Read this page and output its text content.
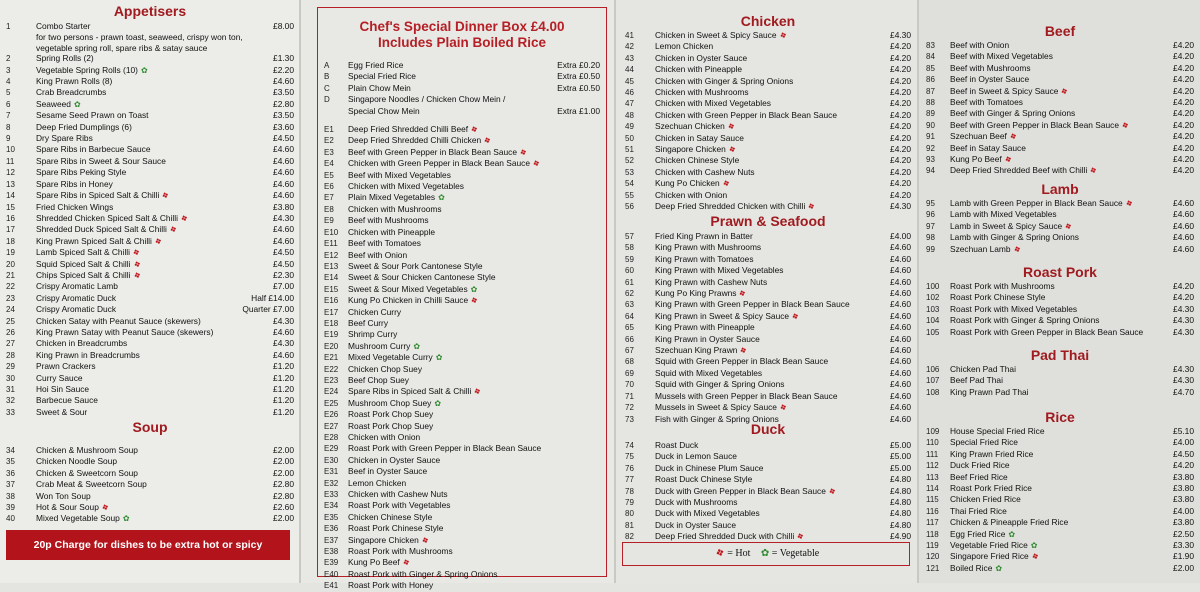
Appetisers
1	Combo Starter	£8.00
for two persons - prawn toast, seaweed, crispy won ton,
vegetable spring roll, spare ribs & satay sauce
2	Spring Rolls (2)	£1.30
3	Vegetable Spring Rolls (10) ✿	£2.20
4	King Prawn Rolls (8)	£4.60
5	Crab Breadcrumbs	£3.50
6	Seaweed ✿	£2.80
7	Sesame Seed Prawn on Toast	£3.50
8	Deep Fried Dumplings (6)	£3.60
9	Dry Spare Ribs	£4.50
10	Spare Ribs in Barbecue Sauce	£4.60
11	Spare Ribs in Sweet & Sour Sauce	£4.60
12	Spare Ribs Peking Style	£4.60
13	Spare Ribs in Honey	£4.60
14	Spare Ribs in Spiced Salt & Chilli ❖	£4.60
15	Fried Chicken Wings	£3.80
16	Shredded Chicken Spiced Salt & Chilli ❖	£4.30
17	Shredded Duck Spiced Salt & Chilli ❖	£4.60
18	King Prawn Spiced Salt & Chilli ❖	£4.60
19	Lamb Spiced Salt & Chilli ❖	£4.50
20	Squid Spiced Salt & Chilli ❖	£4.50
21	Chips Spiced Salt & Chilli ❖	£2.30
22	Crispy Aromatic Lamb	£7.00
23	Crispy Aromatic Duck	Half £14.00
24	Crispy Aromatic Duck	Quarter £7.00
25	Chicken Satay with Peanut Sauce (skewers)	£4.30
26	King Prawn Satay with Peanut Sauce (skewers)	£4.60
27	Chicken in Breadcrumbs	£4.30
28	King Prawn in Breadcrumbs	£4.60
29	Prawn Crackers	£1.20
30	Curry Sauce	£1.20
31	Hoi Sin Sauce	£1.20
32	Barbecue Sauce	£1.20
33	Sweet & Sour	£1.20
Soup
34	Chicken & Mushroom Soup	£2.00
35	Chicken Noodle Soup	£2.00
36	Chicken & Sweetcorn Soup	£2.00
37	Crab Meat & Sweetcorn Soup	£2.80
38	Won Ton Soup	£2.80
39	Hot & Sour Soup ❖	£2.60
40	Mixed Vegetable Soup ✿	£2.00
20p Charge for dishes to be extra hot or spicy
Chef's Special Dinner Box £4.00
Includes Plain Boiled Rice
A	Egg Fried Rice	Extra £0.20
B	Special Fried Rice	Extra £0.50
C	Plain Chow Mein	Extra £0.50
D	Singapore Noodles / Chicken Chow Mein /
Special Chow Mein	Extra £1.00
E1	Deep Fried Shredded Chilli Beef ❖
E2	Deep Fried Shredded Chilli Chicken ❖
E3	Beef with Green Pepper in Black Bean Sauce ❖
E4	Chicken with Green Pepper in Black Bean Sauce ❖
E5	Beef with Mixed Vegetables
E6	Chicken with Mixed Vegetables
E7	Plain Mixed Vegetables ✿
E8	Chicken with Mushrooms
E9	Beef with Mushrooms
E10	Chicken with Pineapple
E11	Beef with Tomatoes
E12	Beef with Onion
E13	Sweet & Sour Pork Cantonese Style
E14	Sweet & Sour Chicken Cantonese Style
E15	Sweet & Sour Mixed Vegetables ✿
E16	Kung Po Chicken in Chilli Sauce ❖
E17	Chicken Curry
E18	Beef Curry
E19	Shrimp Curry
E20	Mushroom Curry ✿
E21	Mixed Vegetable Curry ✿
E22	Chicken Chop Suey
E23	Beef Chop Suey
E24	Spare Ribs in Spiced Salt & Chilli ❖
E25	Mushroom Chop Suey ✿
E26	Roast Pork Chop Suey
E27	Roast Pork Chop Suey
E28	Chicken with Onion
E29	Roast Pork with Green Pepper in Black Bean Sauce
E30	Chicken in Oyster Sauce
E31	Beef in Oyster Sauce
E32	Lemon Chicken
E33	Chicken with Cashew Nuts
E34	Roast Pork with Vegetables
E35	Chicken Chinese Style
E36	Roast Pork Chinese Style
E37	Singapore Chicken ❖
E38	Roast Pork with Mushrooms
E39	Kung Po Beef ❖
E40	Roast Pork with Ginger & Spring Onions
E41	Roast Pork with Honey
Chicken
41	Chicken in Sweet & Spicy Sauce ❖	£4.30
42	Lemon Chicken	£4.20
43	Chicken in Oyster Sauce	£4.20
44	Chicken with Pineapple	£4.20
45	Chicken with Ginger & Spring Onions	£4.20
46	Chicken with Mushrooms	£4.20
47	Chicken with Mixed Vegetables	£4.20
48	Chicken with Green Pepper in Black Bean Sauce	£4.20
49	Szechuan Chicken ❖	£4.20
50	Chicken in Satay Sauce	£4.20
51	Singapore Chicken ❖	£4.20
52	Chicken Chinese Style	£4.20
53	Chicken with Cashew Nuts	£4.20
54	Kung Po Chicken ❖	£4.20
55	Chicken with Onion	£4.20
56	Deep Fried Shredded Chicken with Chilli ❖	£4.30
Prawn & Seafood
57	Fried King Prawn in Batter	£4.00
58	King Prawn with Mushrooms	£4.60
59	King Prawn with Tomatoes	£4.60
60	King Prawn with Mixed Vegetables	£4.60
61	King Prawn with Cashew Nuts	£4.60
62	Kung Po King Prawns ❖	£4.60
63	King Prawn with Green Pepper in Black Bean Sauce	£4.60
64	King Prawn in Sweet & Spicy Sauce ❖	£4.60
65	King Prawn with Pineapple	£4.60
66	King Prawn in Oyster Sauce	£4.60
67	Szechuan King Prawn ❖	£4.60
68	Squid with Green Pepper in Black Bean Sauce	£4.60
69	Squid with Mixed Vegetables	£4.60
70	Squid with Ginger & Spring Onions	£4.60
71	Mussels with Green Pepper in Black Bean Sauce	£4.60
72	Mussels in Sweet & Spicy Sauce ❖	£4.60
73	Fish with Ginger & Spring Onions	£4.60
Duck
74	Roast Duck	£5.00
75	Duck in Lemon Sauce	£5.00
76	Duck in Chinese Plum Sauce	£5.00
77	Roast Duck Chinese Style	£4.80
78	Duck with Green Pepper in Black Bean Sauce ❖	£4.80
79	Duck with Mushrooms	£4.80
80	Duck with Mixed Vegetables	£4.80
81	Duck in Oyster Sauce	£4.80
82	Deep Fried Shredded Duck with Chilli ❖	£4.90
❖ = Hot ✿ = Vegetable
Beef
83	Beef with Onion	£4.20
84	Beef with Mixed Vegetables	£4.20
85	Beef with Mushrooms	£4.20
86	Beef in Oyster Sauce	£4.20
87	Beef in Sweet & Spicy Sauce ❖	£4.20
88	Beef with Tomatoes	£4.20
89	Beef with Ginger & Spring Onions	£4.20
90	Beef with Green Pepper in Black Bean Sauce ❖	£4.20
91	Szechuan Beef ❖	£4.20
92	Beef in Satay Sauce	£4.20
93	Kung Po Beef ❖	£4.20
94	Deep Fried Shredded Beef with Chilli ❖	£4.20
Lamb
95	Lamb with Green Pepper in Black Bean Sauce ❖	£4.60
96	Lamb with Mixed Vegetables	£4.60
97	Lamb in Sweet & Spicy Sauce ❖	£4.60
98	Lamb with Ginger & Spring Onions	£4.60
99	Szechuan Lamb ❖	£4.60
Roast Pork
100	Roast Pork with Mushrooms	£4.20
102	Roast Pork Chinese Style	£4.20
103	Roast Pork with Mixed Vegetables	£4.30
104	Roast Pork with Ginger & Spring Onions	£4.30
105	Roast Pork with Green Pepper in Black Bean Sauce	£4.30
Pad Thai
106	Chicken Pad Thai	£4.30
107	Beef Pad Thai	£4.30
108	King Prawn Pad Thai	£4.70
Rice
109	House Special Fried Rice	£5.10
110	Special Fried Rice	£4.00
111	King Prawn Fried Rice	£4.50
112	Duck Fried Rice	£4.20
113	Beef Fried Rice	£3.80
114	Roast Pork Fried Rice	£3.80
115	Chicken Fried Rice	£3.80
116	Thai Fried Rice	£4.00
117	Chicken & Pineapple Fried Rice	£3.80
118	Egg Fried Rice ✿	£2.50
119	Vegetable Fried Rice ✿	£3.30
120	Singapore Fried Rice ❖	£1.90
121	Boiled Rice ✿	£2.00
